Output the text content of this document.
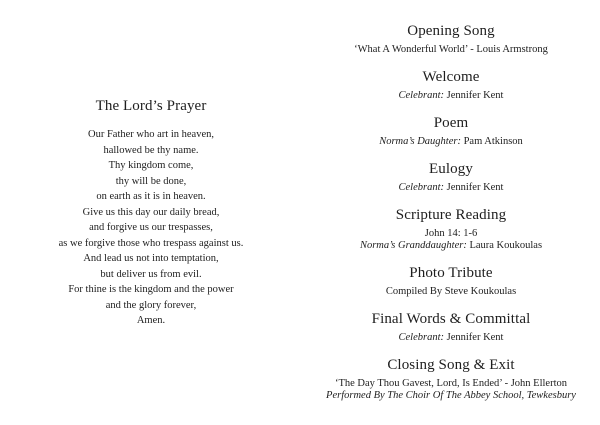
The Lord’s Prayer
Our Father who art in heaven,
hallowed be thy name.
Thy kingdom come,
thy will be done,
on earth as it is in heaven.
Give us this day our daily bread,
and forgive us our trespasses,
as we forgive those who trespass against us.
And lead us not into temptation,
but deliver us from evil.
For thine is the kingdom and the power
and the glory forever,
Amen.
Opening Song
‘What A Wonderful World’ - Louis Armstrong
Welcome
Celebrant: Jennifer Kent
Poem
Norma’s Daughter: Pam Atkinson
Eulogy
Celebrant: Jennifer Kent
Scripture Reading
John 14: 1-6
Norma’s Granddaughter: Laura Koukoulas
Photo Tribute
Compiled By Steve Koukoulas
Final Words & Committal
Celebrant: Jennifer Kent
Closing Song & Exit
‘The Day Thou Gavest, Lord, Is Ended’ - John Ellerton
Performed By The Choir Of The Abbey School, Tewkesbury
